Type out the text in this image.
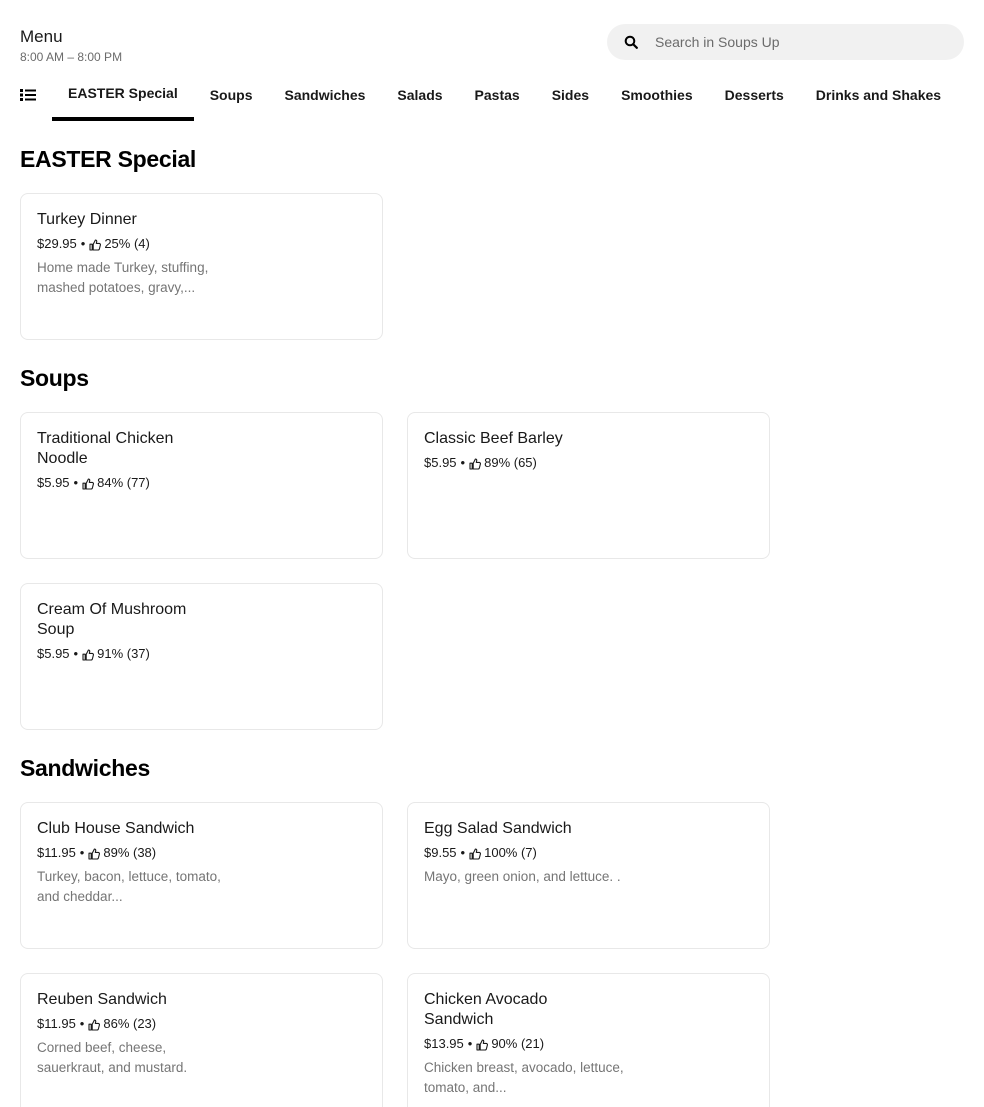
Menu
8:00 AM – 8:00 PM
Search in Soups Up
EASTER Special	Soups	Sandwiches	Salads	Pastas	Sides	Smoothies	Desserts	Drinks and Shakes
EASTER Special
Soups
Sandwiches
Turkey Dinner
$29.95 • 25% (4)
Home made Turkey, stuffing, mashed potatoes, gravy,...
Traditional Chicken Noodle
$5.95 • 84% (77)
Classic Beef Barley
$5.95 • 89% (65)
Cream Of Mushroom Soup
$5.95 • 91% (37)
Club House Sandwich
$11.95 • 89% (38)
Turkey, bacon, lettuce, tomato, and cheddar...
Egg Salad Sandwich
$9.55 • 100% (7)
Mayo, green onion, and lettuce. .
Reuben Sandwich
$11.95 • 86% (23)
Corned beef, cheese, sauerkraut, and mustard.
Chicken Avocado Sandwich
$13.95 • 90% (21)
Chicken breast, avocado, lettuce, tomato, and...
